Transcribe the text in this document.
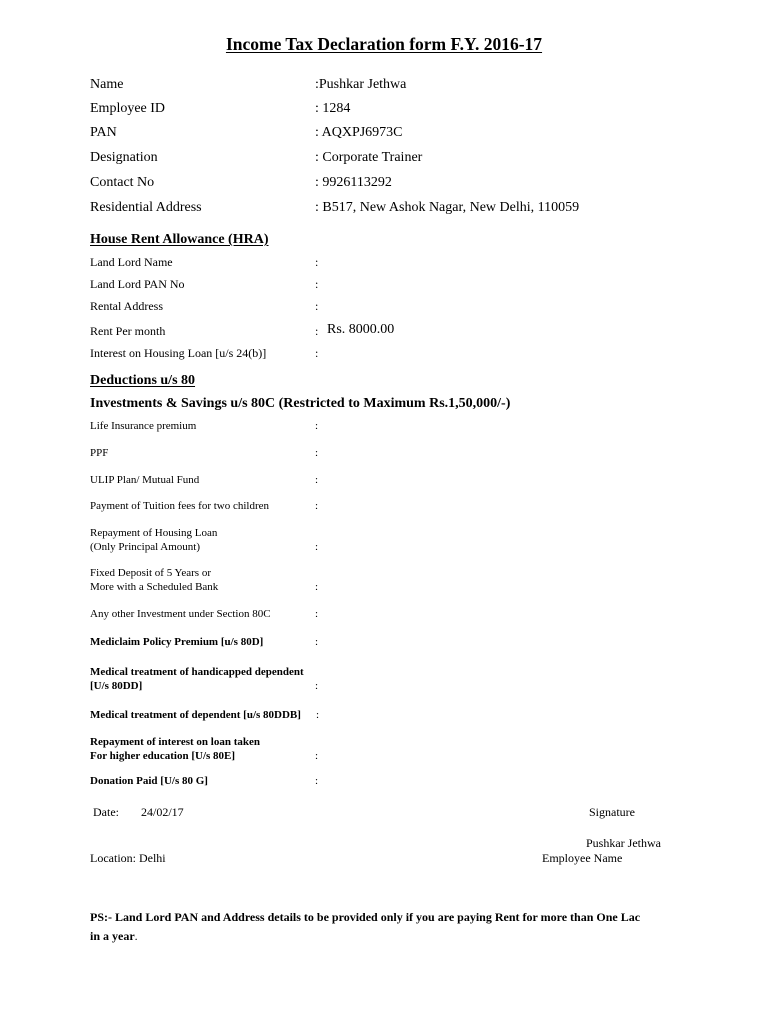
Income Tax Declaration form F.Y. 2016-17
Name	:Pushkar Jethwa
Employee ID	: 1284
PAN	: AQXPJ6973C
Designation	: Corporate Trainer
Contact No	: 9926113292
Residential Address	: B517, New Ashok Nagar, New Delhi, 110059
House Rent Allowance (HRA)
Land Lord Name	:
Land Lord PAN No	:
Rental Address	:
Rent Per month	: Rs. 8000.00
Interest on Housing Loan [u/s 24(b)]	:
Deductions u/s 80
Investments & Savings u/s 80C (Restricted to Maximum Rs.1,50,000/-)
Life Insurance premium	:
PPF	:
ULIP Plan/ Mutual Fund	:
Payment of Tuition fees for two children	:
Repayment of Housing Loan
(Only Principal Amount)	:
Fixed Deposit of 5 Years or
More with a Scheduled Bank	:
Any other Investment under Section 80C	:
Mediclaim Policy Premium [u/s 80D]	:
Medical treatment of handicapped dependent
[U/s 80DD]	:
Medical treatment of dependent [u/s 80DDB] :
Repayment of interest on loan taken
For higher education [U/s 80E]	:
Donation Paid [U/s 80 G]	:
Date: 24/02/17	Signature
Pushkar Jethwa
Location: Delhi	Employee Name
PS:- Land Lord PAN and Address details to be provided only if you are paying Rent for more than One Lac
in a year.
